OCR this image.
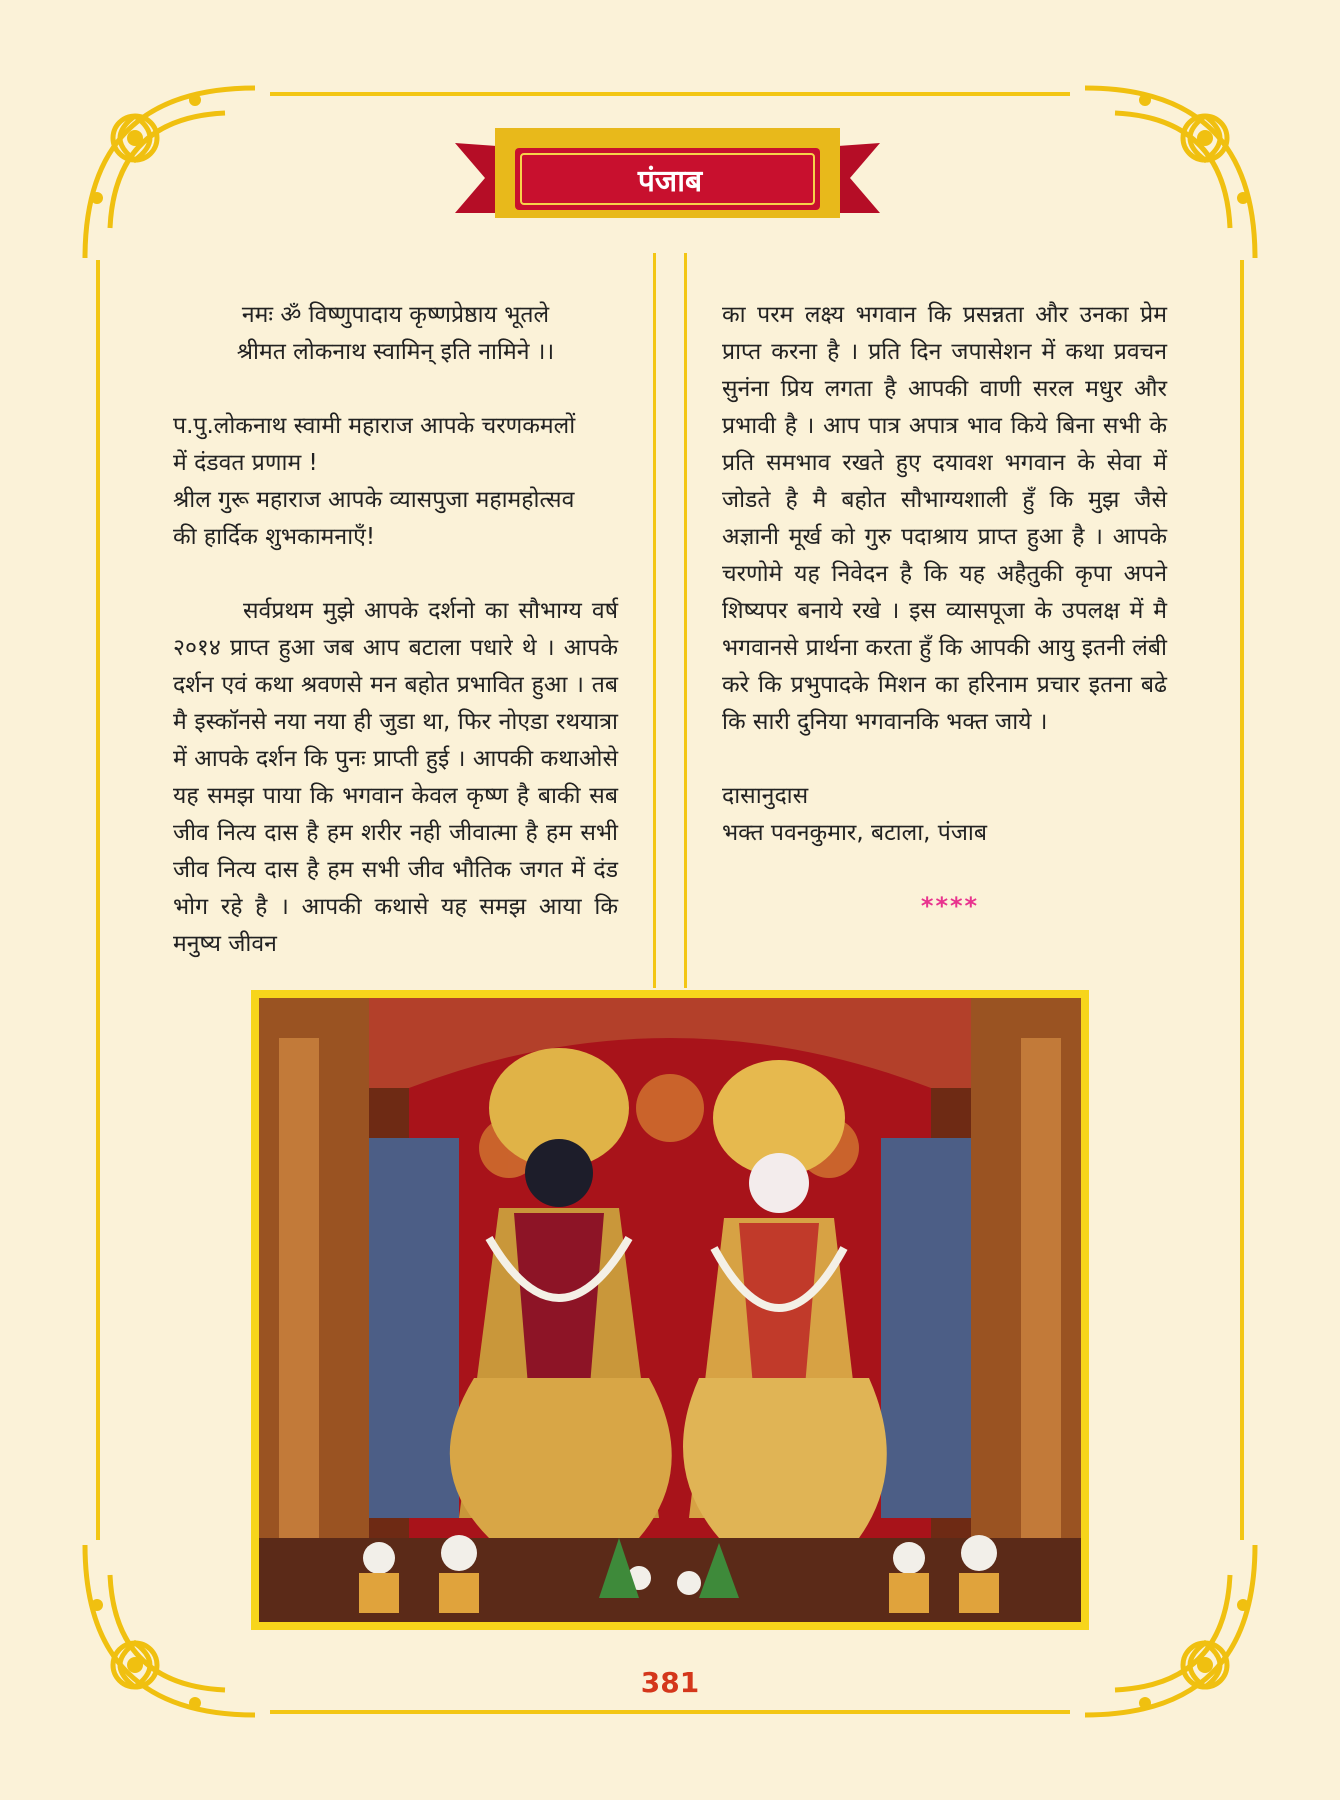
पंजाब

नमः ॐ विष्णुपादाय कृष्णप्रेष्ठाय भूतले

श्रीमत लोकनाथ स्वामिन् इति नामिने ।।

प.पु.लोकनाथ स्वामी महाराज आपके चरणकमलों

में दंडवत प्रणाम !

श्रील गुरू महाराज आपके व्यासपुजा महामहोत्सव

की हार्दिक शुभकामनाएँ!

सर्वप्रथम मुझे आपके दर्शनो का सौभाग्य वर्ष २०१४ प्राप्त हुआ जब आप बटाला पधारे थे । आपके दर्शन एवं कथा श्रवणसे मन बहोत प्रभावित हुआ । तब मै इस्कॉनसे नया नया ही जुडा था, फिर नोएडा रथयात्रा में आपके दर्शन कि पुनः प्राप्ती हुई । आपकी कथाओसे यह समझ पाया कि भगवान केवल कृष्ण है बाकी सब जीव नित्य दास है हम शरीर नही जीवात्मा है हम सभी जीव नित्य दास है हम सभी जीव भौतिक जगत में दंड भोग रहे है । आपकी कथासे यह समझ आया कि मनुष्य जीवन

का परम लक्ष्य भगवान कि प्रसन्नता और उनका प्रेम प्राप्त करना है । प्रति दिन जपासेशन में कथा प्रवचन सुनंना प्रिय लगता है आपकी वाणी सरल मधुर और प्रभावी है । आप पात्र अपात्र भाव किये बिना सभी के प्रति समभाव रखते हुए दयावश भगवान के सेवा में जोडते है मै बहोत सौभाग्यशाली हुँ कि मुझ जैसे अज्ञानी मूर्ख को गुरु पदाश्राय प्राप्त हुआ है । आपके चरणोमे यह निवेदन है कि यह अहैतुकी कृपा अपने शिष्यपर बनाये रखे । इस व्यासपूजा के उपलक्ष में मै भगवानसे प्रार्थना करता हुँ कि आपकी आयु इतनी लंबी करे कि प्रभुपादके मिशन का हरिनाम प्रचार इतना बढे कि सारी दुनिया भगवानकि भक्त जाये ।

दासानुदास

भक्त पवनकुमार, बटाला, पंजाब

****
381
